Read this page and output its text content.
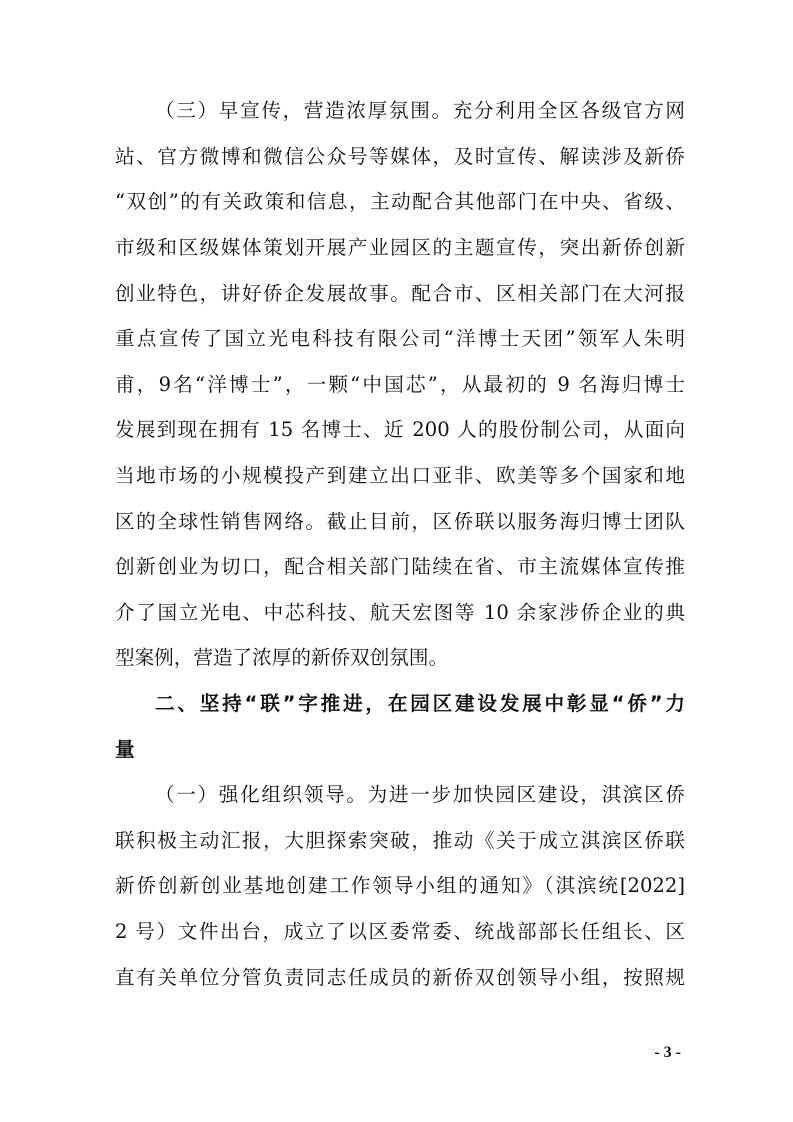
（三）早宣传，营造浓厚氛围。充分利用全区各级官方网
站、官方微博和微信公众号等媒体，及时宣传、解读涉及新侨
“双创”的有关政策和信息，主动配合其他部门在中央、省级、
市级和区级媒体策划开展产业园区的主题宣传，突出新侨创新
创业特色，讲好侨企发展故事。配合市、区相关部门在大河报
重点宣传了国立光电科技有限公司“洋博士天团”领军人朱明
甫，9名“洋博士”，一颗“中国芯”，从最初的 9 名海归博士
发展到现在拥有 15 名博士、近 200 人的股份制公司，从面向
当地市场的小规模投产到建立出口亚非、欧美等多个国家和地
区的全球性销售网络。截止目前，区侨联以服务海归博士团队
创新创业为切口，配合相关部门陆续在省、市主流媒体宣传推
介了国立光电、中芯科技、航天宏图等 10 余家涉侨企业的典
型案例，营造了浓厚的新侨双创氛围。
二、坚持“联”字推进，在园区建设发展中彰显“侨”力
量
（一）强化组织领导。为进一步加快园区建设，淇滨区侨
联积极主动汇报，大胆探索突破，推动《关于成立淇滨区侨联
新侨创新创业基地创建工作领导小组的通知》（淇滨统[2022]
2 号）文件出台，成立了以区委常委、统战部部长任组长、区
直有关单位分管负责同志任成员的新侨双创领导小组，按照规
- 3 -
